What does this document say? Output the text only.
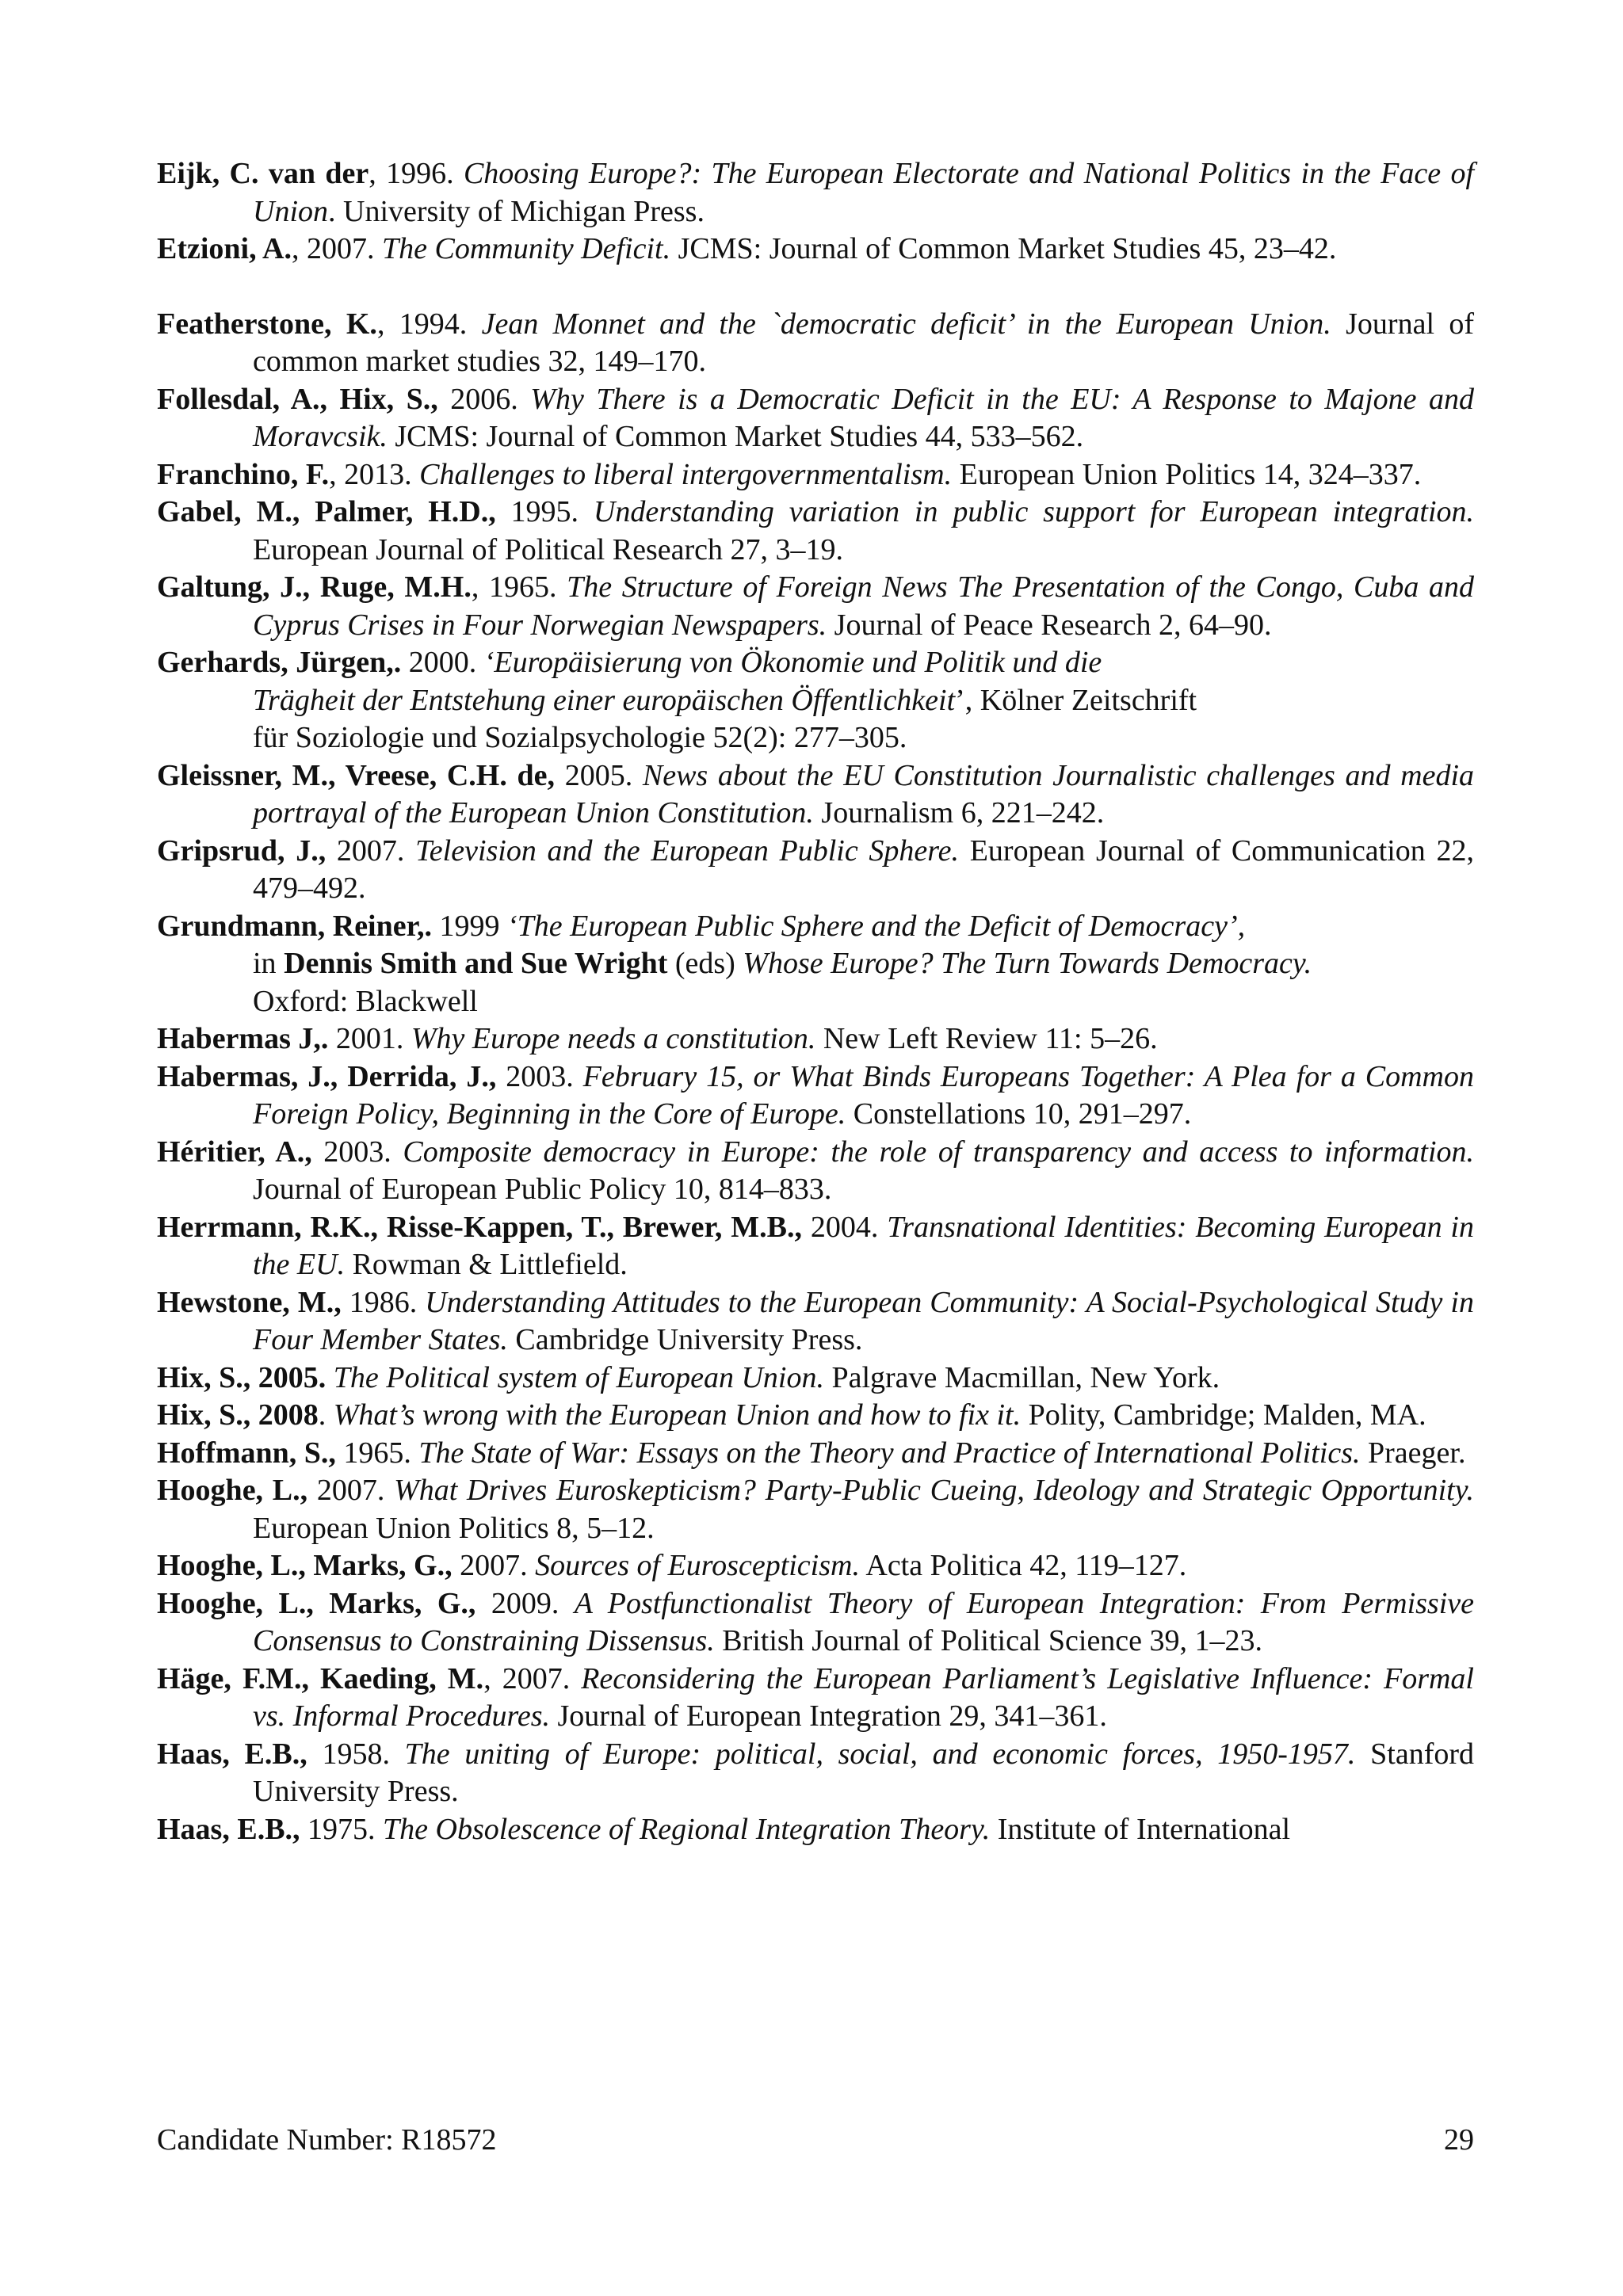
Eijk, C. van der, 1996. Choosing Europe?: The European Electorate and National Politics in the Face of Union. University of Michigan Press.

Etzioni, A., 2007. The Community Deficit. JCMS: Journal of Common Market Studies 45, 23–42.

Featherstone, K., 1994. Jean Monnet and the `democratic deficit’ in the European Union. Journal of common market studies 32, 149–170.

Follesdal, A., Hix, S., 2006. Why There is a Democratic Deficit in the EU: A Response to Majone and Moravcsik. JCMS: Journal of Common Market Studies 44, 533–562.

Franchino, F., 2013. Challenges to liberal intergovernmentalism. European Union Politics 14, 324–337.

Gabel, M., Palmer, H.D., 1995. Understanding variation in public support for European integration. European Journal of Political Research 27, 3–19.

Galtung, J., Ruge, M.H., 1965. The Structure of Foreign News The Presentation of the Congo, Cuba and Cyprus Crises in Four Norwegian Newspapers. Journal of Peace Research 2, 64–90.

Gerhards, Jürgen,. 2000. ‘Europäisierung von Ökonomie und Politik und die
Trägheit der Entstehung einer europäischen Öffentlichkeit’, Kölner Zeitschrift
für Soziologie und Sozialpsychologie 52(2): 277–305.

Gleissner, M., Vreese, C.H. de, 2005. News about the EU Constitution Journalistic challenges and media portrayal of the European Union Constitution. Journalism 6, 221–242.

Gripsrud, J., 2007. Television and the European Public Sphere. European Journal of Communication 22, 479–492.

Grundmann, Reiner,. 1999 ‘The European Public Sphere and the Deficit of Democracy’,
in Dennis Smith and Sue Wright (eds) Whose Europe? The Turn Towards Democracy.
Oxford: Blackwell

Habermas J,. 2001. Why Europe needs a constitution. New Left Review 11: 5–26.

Habermas, J., Derrida, J., 2003. February 15, or What Binds Europeans Together: A Plea for a Common Foreign Policy, Beginning in the Core of Europe. Constellations 10, 291–297.

Héritier, A., 2003. Composite democracy in Europe: the role of transparency and access to information. Journal of European Public Policy 10, 814–833.

Herrmann, R.K., Risse-Kappen, T., Brewer, M.B., 2004. Transnational Identities: Becoming European in the EU. Rowman & Littlefield.

Hewstone, M., 1986. Understanding Attitudes to the European Community: A Social-Psychological Study in Four Member States. Cambridge University Press.

Hix, S., 2005. The Political system of European Union. Palgrave Macmillan, New York.

Hix, S., 2008. What’s wrong with the European Union and how to fix it. Polity, Cambridge; Malden, MA.

Hoffmann, S., 1965. The State of War: Essays on the Theory and Practice of International Politics. Praeger.

Hooghe, L., 2007. What Drives Euroskepticism? Party-Public Cueing, Ideology and Strategic Opportunity. European Union Politics 8, 5–12.

Hooghe, L., Marks, G., 2007. Sources of Euroscepticism. Acta Politica 42, 119–127.

Hooghe, L., Marks, G., 2009. A Postfunctionalist Theory of European Integration: From Permissive Consensus to Constraining Dissensus. British Journal of Political Science 39, 1–23.

Häge, F.M., Kaeding, M., 2007. Reconsidering the European Parliament’s Legislative Influence: Formal vs. Informal Procedures. Journal of European Integration 29, 341–361.

Haas, E.B., 1958. The uniting of Europe: political, social, and economic forces, 1950-1957. Stanford University Press.

Haas, E.B., 1975. The Obsolescence of Regional Integration Theory. Institute of International

Candidate Number: R18572	29
